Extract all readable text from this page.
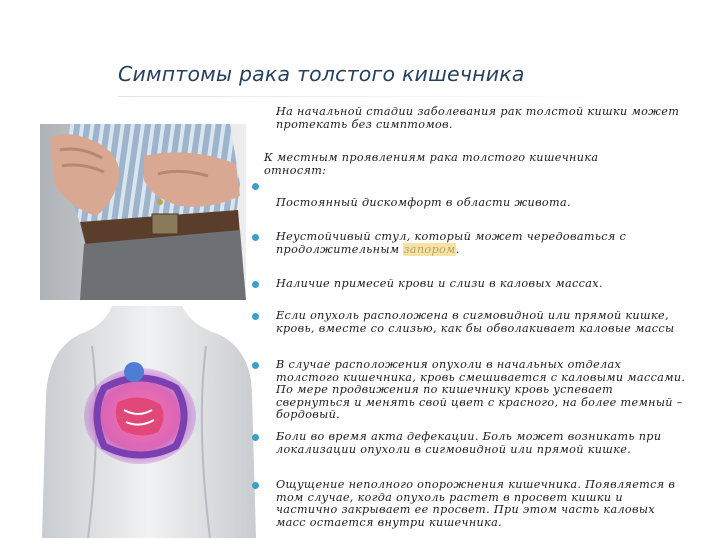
Симптомы рака толстого кишечника

На начальной стадии заболевания рак толстой кишки может протекать без симптомов.

К местным проявлениям рака толстого кишечника относят:

Постоянный дискомфорт в области живота.

Неустойчивый стул, который может чередоваться с продолжительным запором.

Наличие примесей крови и слизи в каловых массах.

Если опухоль расположена в сигмовидной или прямой кишке, кровь, вместе со слизью, как бы обволакивает каловые массы

В случае расположения опухоли в начальных отделах толстого кишечника, кровь смешивается с каловыми массами. По мере продвижения по кишечнику кровь успевает свернуться и менять свой цвет с красного, на более темный – бордовый.

Боли во время акта дефекации. Боль может возникать при локализации опухоли в сигмовидной или прямой кишке.

Ощущение неполного опорожнения кишечника. Появляется в том случае, когда опухоль растет в просвет кишки и частично закрывает ее просвет. При этом часть каловых масс остается внутри кишечника.
